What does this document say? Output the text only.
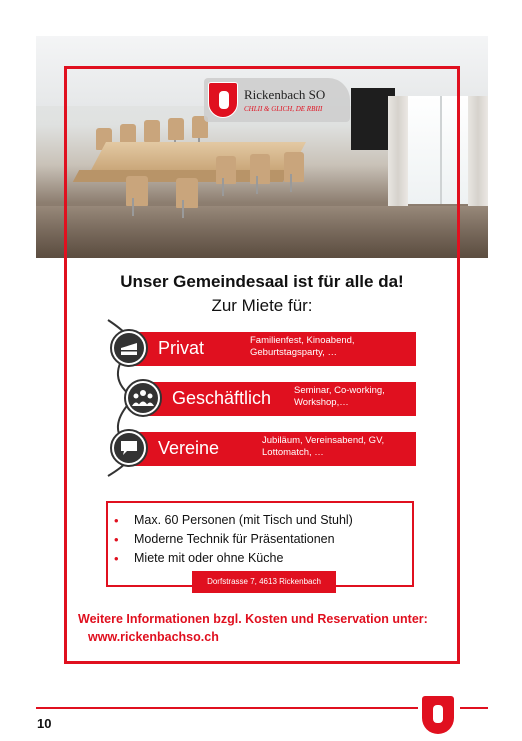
Rickenbach SO
CHLII & GLICH, DE RBIII
Unser Gemeindesaal ist für alle da!
Zur Miete für:
Privat	Familienfest, Kinoabend, Geburtstagsparty, …
Geschäftlich Seminar, Co-working, Workshop,…
Vereine	Jubiläum, Vereinsabend, GV, Lottomatch, …
• Max. 60 Personen (mit Tisch und Stuhl)
• Moderne Technik für Präsentationen
• Miete mit oder ohne Küche
Dorfstrasse 7, 4613 Rickenbach
Weitere Informationen bzgl. Kosten und Reservation unter:
www.rickenbachso.ch
10
